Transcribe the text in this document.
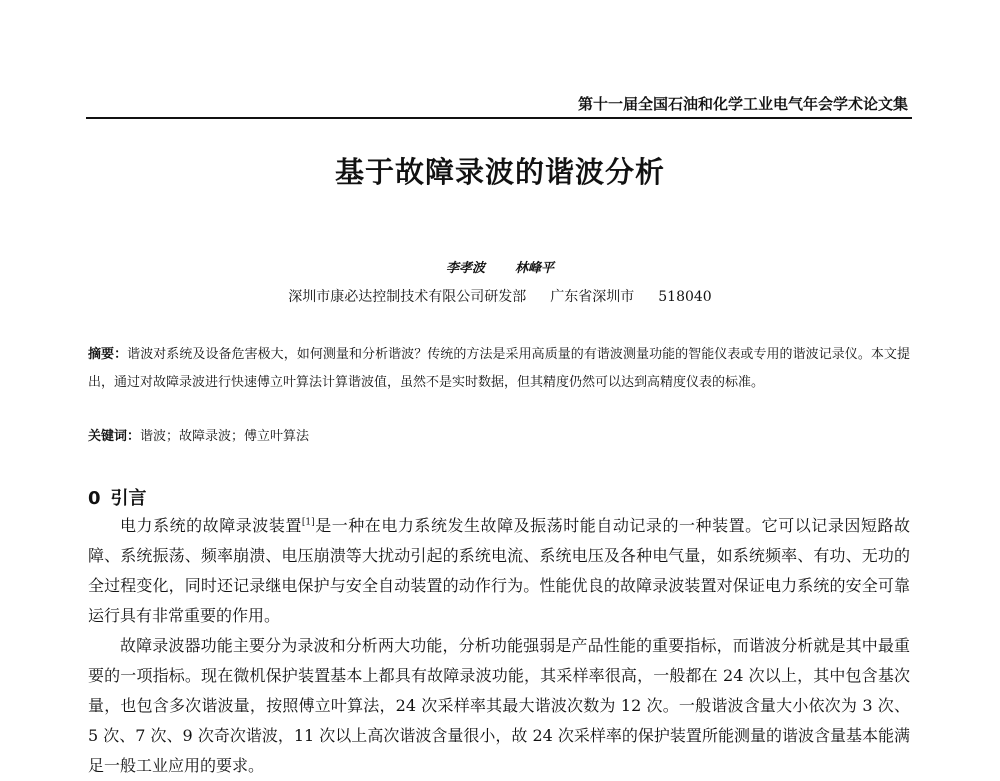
第十一届全国石油和化学工业电气年会学术论文集
基于故障录波的谐波分析
李孝波 林峰平
深圳市康必达控制技术有限公司研发部 广东省深圳市 518040
摘要：谐波对系统及设备危害极大，如何测量和分析谐波？传统的方法是采用高质量的有谐波测量功能的智能仪表或专用的谐波记录仪。本文提出，通过对故障录波进行快速傅立叶算法计算谐波值，虽然不是实时数据，但其精度仍然可以达到高精度仪表的标准。
关键词：谐波；故障录波；傅立叶算法
0 引言

电力系统的故障录波装置[1]是一种在电力系统发生故障及振荡时能自动记录的一种装置。它可以记录因短路故障、系统振荡、频率崩溃、电压崩溃等大扰动引起的系统电流、系统电压及各种电气量，如系统频率、有功、无功的全过程变化，同时还记录继电保护与安全自动装置的动作行为。性能优良的故障录波装置对保证电力系统的安全可靠运行具有非常重要的作用。

故障录波器功能主要分为录波和分析两大功能，分析功能强弱是产品性能的重要指标，而谐波分析就是其中最重要的一项指标。现在微机保护装置基本上都具有故障录波功能，其采样率很高，一般都在 24 次以上，其中包含基次量，也包含多次谐波量，按照傅立叶算法，24 次采样率其最大谐波次数为 12 次。一般谐波含量大小依次为 3 次、5 次、7 次、9 次奇次谐波，11 次以上高次谐波含量很小，故 24 次采样率的保护装置所能测量的谐波含量基本能满足一般工业应用的要求。
